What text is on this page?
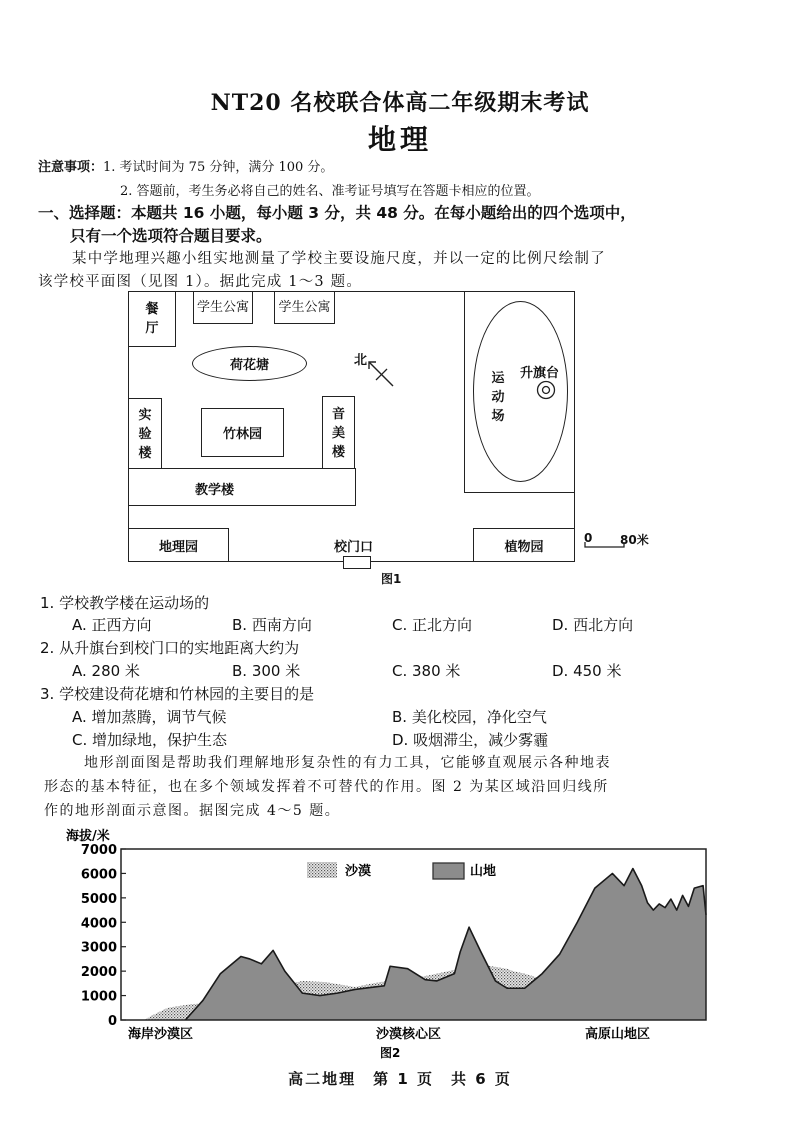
NT20 名校联合体高二年级期末考试
地理
注意事项：1. 考试时间为 75 分钟，满分 100 分。
2. 答题前，考生务必将自己的姓名、准考证号填写在答题卡相应的位置。
一、选择题：本题共 16 小题，每小题 3 分，共 48 分。在每小题给出的四个选项中，
只有一个选项符合题目要求。
某中学地理兴趣小组实地测量了学校主要设施尺度，并以一定的比例尺绘制了
该学校平面图（见图 1）。据此完成 1～3 题。
餐厅
学生公寓 学生公寓
荷花塘	北
实验楼
竹林园
音美楼
教学楼
地理园	校门口	植物园
运动场
升旗台
0 80米
图1
1. 学校教学楼在运动场的
A. 正西方向	B. 西南方向	C. 正北方向	D. 西北方向
2. 从升旗台到校门口的实地距离大约为
A. 280 米	B. 300 米	C. 380 米	D. 450 米
3. 学校建设荷花塘和竹林园的主要目的是
A. 增加蒸腾，调节气候	B. 美化校园，净化空气
C. 增加绿地，保护生态	D. 吸烟滞尘，减少雾霾
地形剖面图是帮助我们理解地形复杂性的有力工具，它能够直观展示各种地表
形态的基本特征，也在多个领域发挥着不可替代的作用。图 2 为某区域沿回归线所
作的地形剖面示意图。据图完成 4～5 题。
海拔/米
0
1000
2000
3000
4000
5000
6000
7000
沙漠	山地
海岸沙漠区	沙漠核心区	高原山地区
图2
高二地理　第 1 页　共 6 页
